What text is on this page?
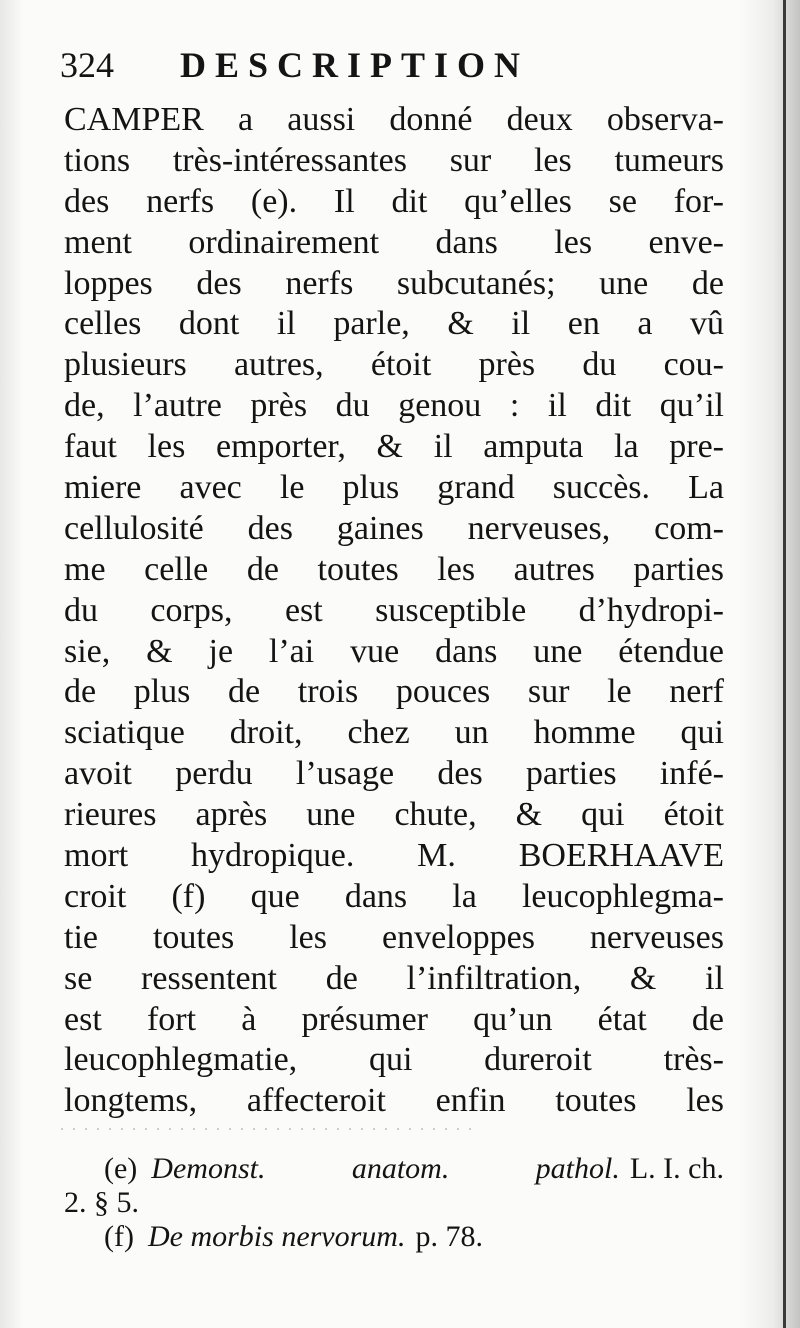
324 DESCRIPTION
CAMPER a aussi donné deux observa-
tions très-intéressantes sur les tumeurs
des nerfs (e). Il dit qu’elles se for-
ment ordinairement dans les enve-
loppes des nerfs subcutanés; une de
celles dont il parle, & il en a vû
plusieurs autres, étoit près du cou-
de, l’autre près du genou : il dit qu’il
faut les emporter, & il amputa la pre-
miere avec le plus grand succès. La
cellulosité des gaines nerveuses, com-
me celle de toutes les autres parties
du corps, est susceptible d’hydropi-
sie, & je l’ai vue dans une étendue
de plus de trois pouces sur le nerf
sciatique droit, chez un homme qui
avoit perdu l’usage des parties infé-
rieures après une chute, & qui étoit
mort hydropique. M. BOERHAAVE
croit (f) que dans la leucophlegma-
tie toutes les enveloppes nerveuses
se ressentent de l’infiltration, & il
est fort à présumer qu’un état de
leucophlegmatie, qui dureroit très-
longtems, affecteroit enfin toutes les
. . . . . . . . . . . . . . . . . . . . . . . . . . . . . . . . . . .
(e) Demonst. anatom. pathol. L. I. ch.
2. § 5.
(f) De morbis nervorum. p. 78.
